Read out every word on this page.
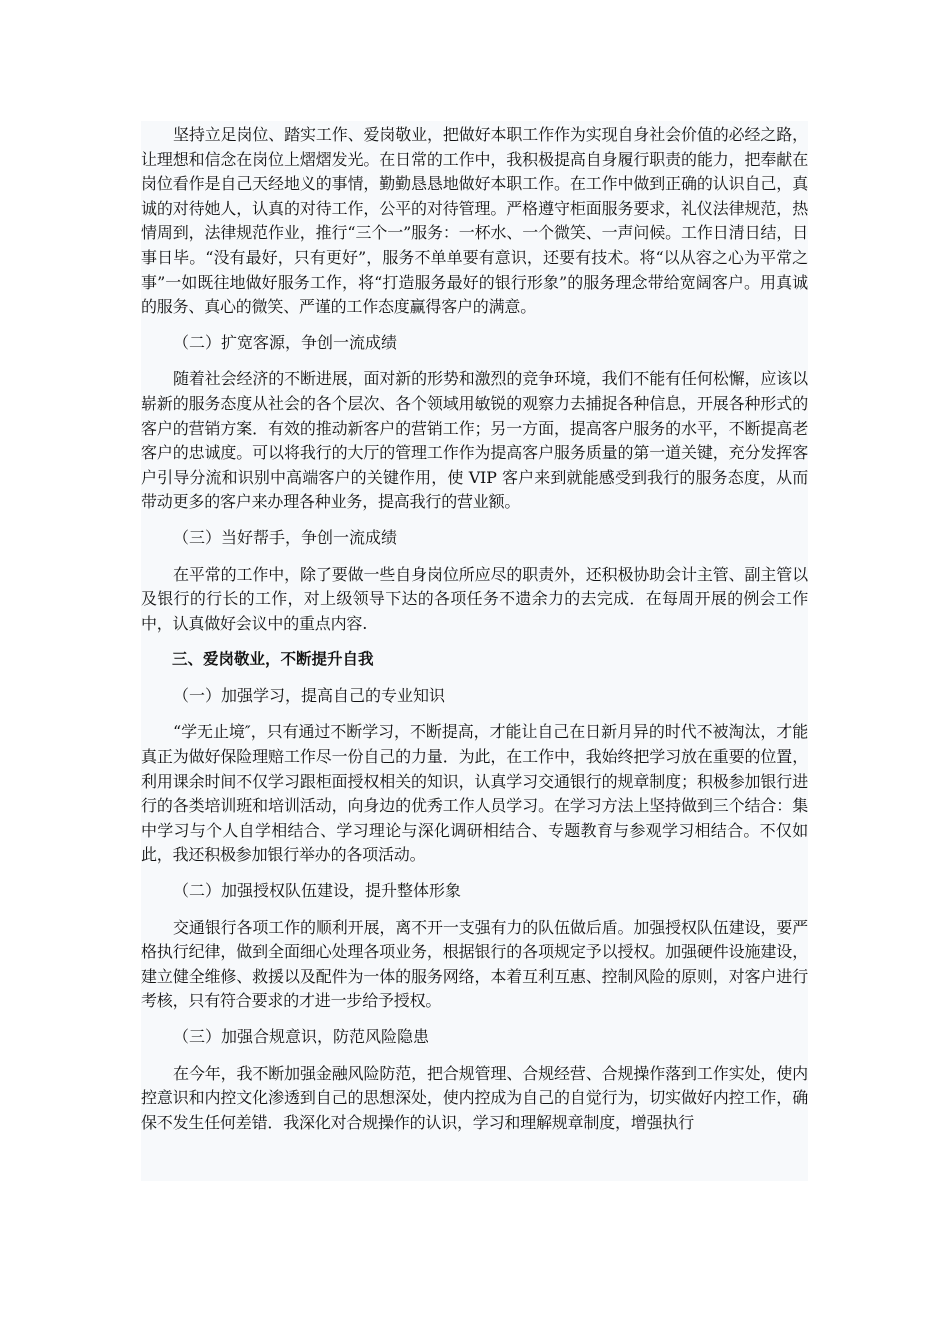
坚持立足岗位、踏实工作、爱岗敬业，把做好本职工作作为实现自身社会价值的必经之路，让理想和信念在岗位上熠熠发光。在日常的工作中，我积极提高自身履行职责的能力，把奉献在岗位看作是自己天经地义的事情，勤勤恳恳地做好本职工作。在工作中做到正确的认识自己，真诚的对待她人，认真的对待工作，公平的对待管理。严格遵守柜面服务要求，礼仪法律规范，热情周到，法律规范作业，推行“三个一”服务：一杯水、一个微笑、一声问候。工作日清日结，日事日毕。“没有最好，只有更好”，服务不单单要有意识，还要有技术。将“以从容之心为平常之事”一如既往地做好服务工作，将“打造服务最好的银行形象”的服务理念带给宽阔客户。用真诚的服务、真心的微笑、严谨的工作态度赢得客户的满意。

（二）扩宽客源，争创一流成绩

随着社会经济的不断进展，面对新的形势和激烈的竞争环境，我们不能有任何松懈，应该以崭新的服务态度从社会的各个层次、各个领域用敏锐的观察力去捕捉各种信息，开展各种形式的客户的营销方案．有效的推动新客户的营销工作；另一方面，提高客户服务的水平，不断提高老客户的忠诚度。可以将我行的大厅的管理工作作为提高客户服务质量的第一道关键，充分发挥客户引导分流和识别中高端客户的关键作用，使 VIP 客户来到就能感受到我行的服务态度，从而带动更多的客户来办理各种业务，提高我行的营业额。

（三）当好帮手，争创一流成绩

在平常的工作中，除了要做一些自身岗位所应尽的职责外，还积极协助会计主管、副主管以及银行的行长的工作，对上级领导下达的各项任务不遗余力的去完成．在每周开展的例会工作中，认真做好会议中的重点内容.

三、爱岗敬业，不断提升自我

（一）加强学习，提高自己的专业知识

“学无止境″，只有通过不断学习，不断提高，才能让自己在日新月异的时代不被淘汰，才能真正为做好保险理赔工作尽一份自己的力量．为此，在工作中，我始终把学习放在重要的位置，利用课余时间不仅学习跟柜面授权相关的知识，认真学习交通银行的规章制度；积极参加银行进行的各类培训班和培训活动，向身边的优秀工作人员学习。在学习方法上坚持做到三个结合：集中学习与个人自学相结合、学习理论与深化调研相结合、专题教育与参观学习相结合。不仅如此，我还积极参加银行举办的各项活动。

（二）加强授权队伍建设，提升整体形象

交通银行各项工作的顺利开展，离不开一支强有力的队伍做后盾。加强授权队伍建设，要严格执行纪律，做到全面细心处理各项业务，根据银行的各项规定予以授权。加强硬件设施建设，建立健全维修、救援以及配件为一体的服务网络，本着互利互惠、控制风险的原则，对客户进行考核，只有符合要求的才进一步给予授权。

（三）加强合规意识，防范风险隐患

在今年，我不断加强金融风险防范，把合规管理、合规经营、合规操作落到工作实处，使内控意识和内控文化渗透到自己的思想深处，使内控成为自己的自觉行为，切实做好内控工作，确保不发生任何差错．我深化对合规操作的认识，学习和理解规章制度，增强执行
